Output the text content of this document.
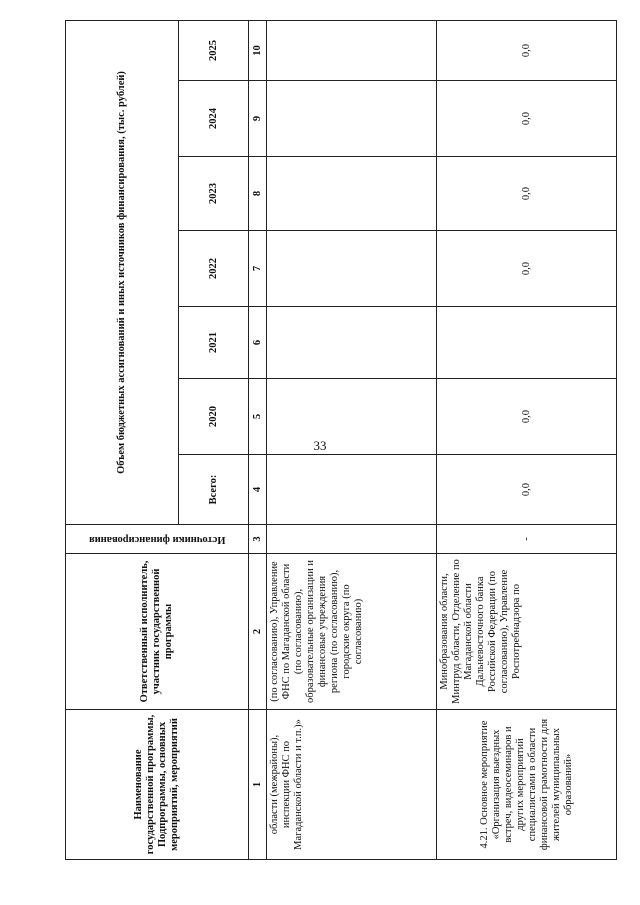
33
Наименование государственной программы, Подпрограммы, основных мероприятий, мероприятий	Ответственный исполнитель, участник государственной программы	Источники финансирования	Объем бюджетных ассигнований и иных источников финансирования, (тыс. рублей)						
			Всего:	2020	2021	2022	2023	2024	2025
1	2	3	4	5	6	7	8	9	10
области (межрайоны), инспекции ФНС по Магаданской области и т.п.)»	(по согласованию), Управление ФНС по Магаданской области (по согласованию), образовательные организации и финансовые учреждения региона (по согласованию), городские округа (по согласованию)								
4.21. Основное мероприятие «Организация выездных встреч, видеосеминаров и других мероприятий специалистами в области финансовой грамотности для жителей муниципальных образований»	Минобразования области, Минтруд области, Отделение по Магаданской области Дальневосточного банка Российской Федерации (по согласованию), Управление Роспотребнадзора по	-	0,0	0,0		0,0	0,0	0,0	0,0
